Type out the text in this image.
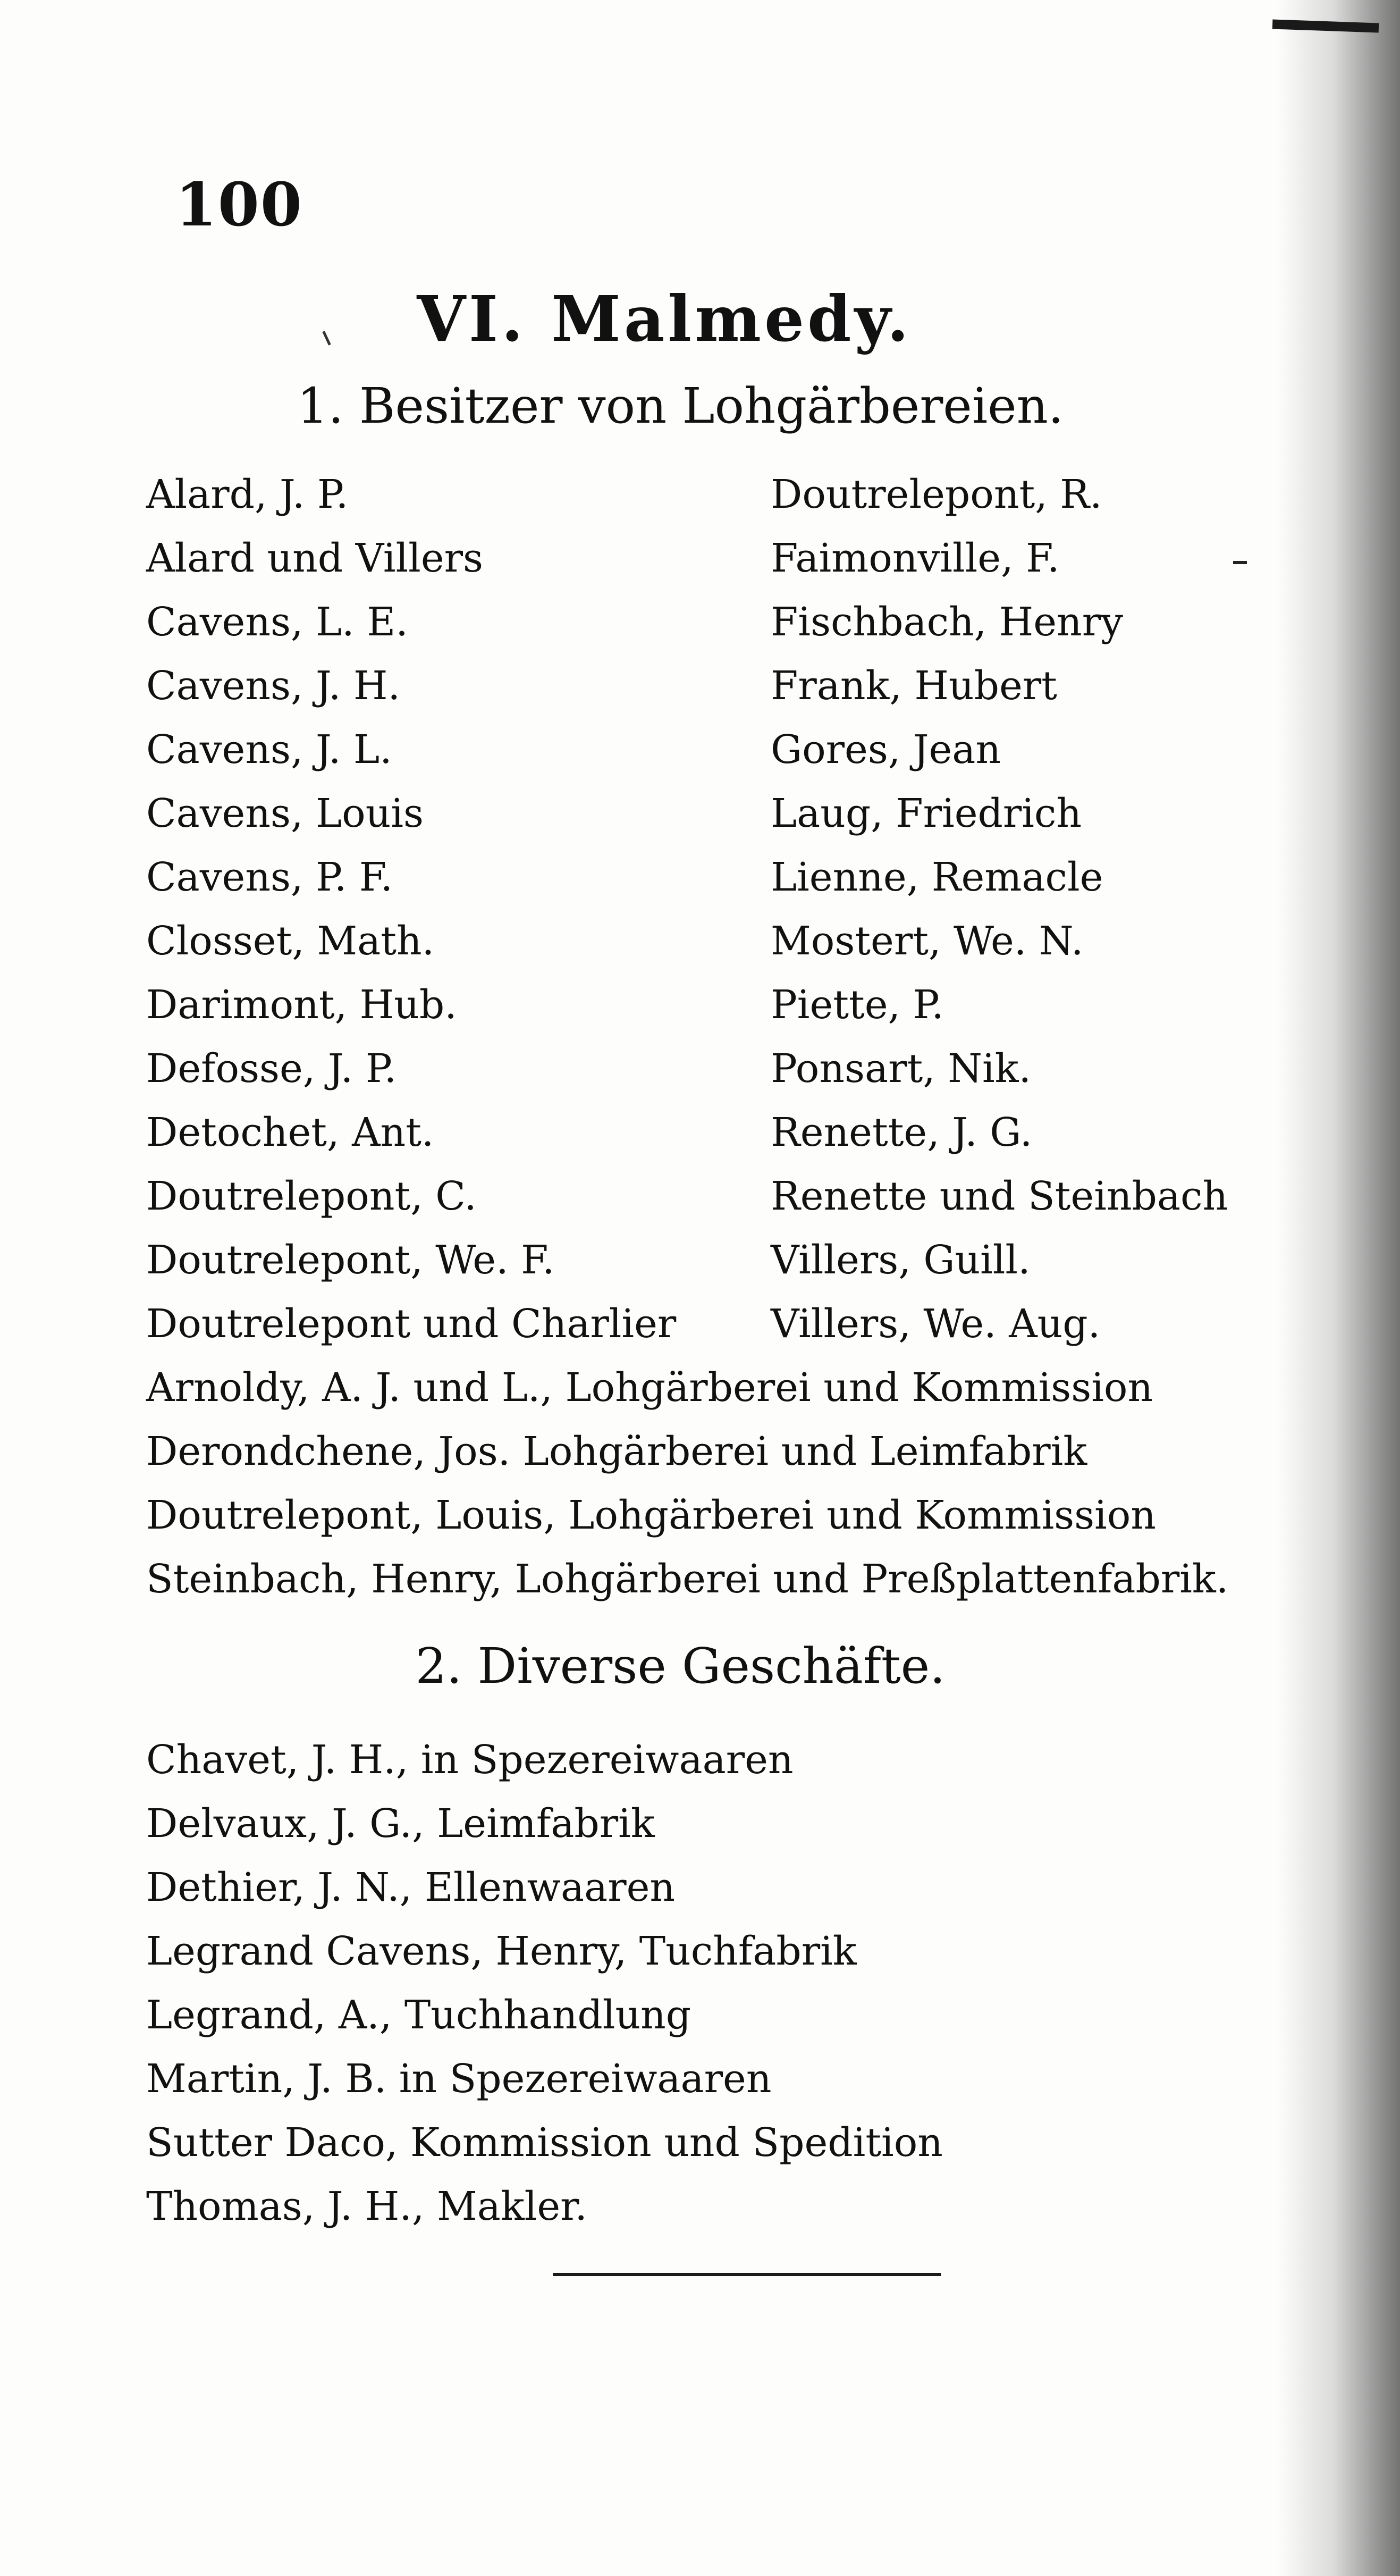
100
VI. Malmedy.
1. Besitzer von Lohgärbereien.
Alard, J. P.
Alard und Villers
Cavens, L. E.
Cavens, J. H.
Cavens, J. L.
Cavens, Louis
Cavens, P. F.
Closset, Math.
Darimont, Hub.
Defosse, J. P.
Detochet, Ant.
Doutrelepont, C.
Doutrelepont, We. F.
Doutrelepont und Charlier
Doutrelepont, R.
Faimonville, F.
Fischbach, Henry
Frank, Hubert
Gores, Jean
Laug, Friedrich
Lienne, Remacle
Mostert, We. N.
Piette, P.
Ponsart, Nik.
Renette, J. G.
Renette und Steinbach
Villers, Guill.
Villers, We. Aug.
Arnoldy, A. J. und L., Lohgärberei und Kommission
Derondchene, Jos. Lohgärberei und Leimfabrik
Doutrelepont, Louis, Lohgärberei und Kommission
Steinbach, Henry, Lohgärberei und Preßplattenfabrik.
2. Diverse Geschäfte.
Chavet, J. H., in Spezereiwaaren
Delvaux, J. G., Leimfabrik
Dethier, J. N., Ellenwaaren
Legrand Cavens, Henry, Tuchfabrik
Legrand, A., Tuchhandlung
Martin, J. B. in Spezereiwaaren
Sutter Daco, Kommission und Spedition
Thomas, J. H., Makler.
